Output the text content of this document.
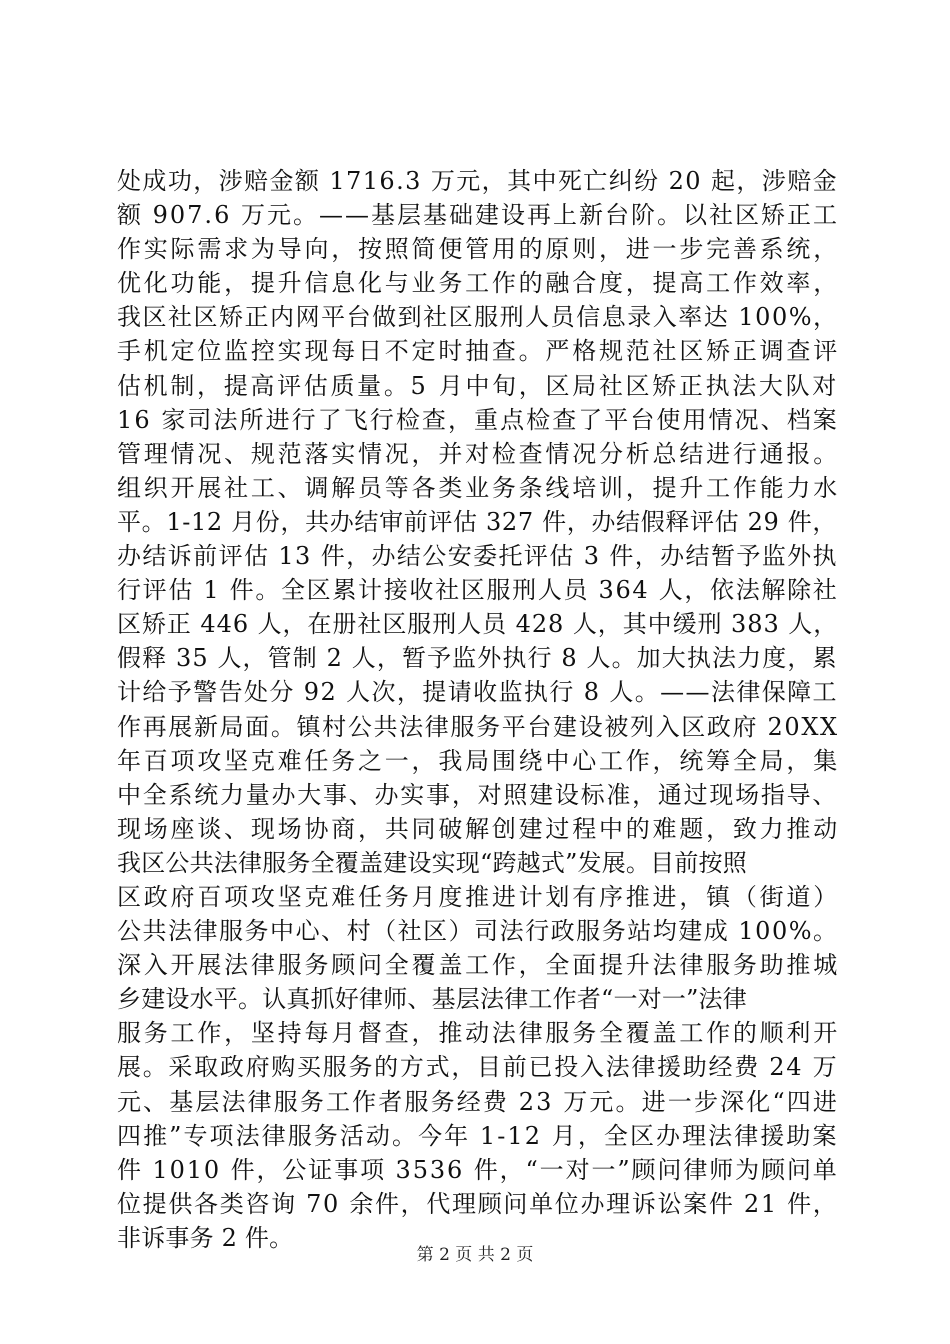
处成功，涉赔金额 1716.3 万元，其中死亡纠纷 20 起，涉赔金
额 907.6 万元。——基层基础建设再上新台阶。以社区矫正工
作实际需求为导向，按照简便管用的原则，进一步完善系统，
优化功能，提升信息化与业务工作的融合度，提高工作效率，
我区社区矫正内网平台做到社区服刑人员信息录入率达 100%，
手机定位监控实现每日不定时抽查。严格规范社区矫正调查评
估机制，提高评估质量。5 月中旬，区局社区矫正执法大队对
16 家司法所进行了飞行检查，重点检查了平台使用情况、档案
管理情况、规范落实情况，并对检查情况分析总结进行通报。
组织开展社工、调解员等各类业务条线培训，提升工作能力水
平。1-12 月份，共办结审前评估 327 件，办结假释评估 29 件，
办结诉前评估 13 件，办结公安委托评估 3 件，办结暂予监外执
行评估 1 件。全区累计接收社区服刑人员 364 人，依法解除社
区矫正 446 人，在册社区服刑人员 428 人，其中缓刑 383 人，
假释 35 人，管制 2 人，暂予监外执行 8 人。加大执法力度，累
计给予警告处分 92 人次，提请收监执行 8 人。——法律保障工
作再展新局面。镇村公共法律服务平台建设被列入区政府 20XX
年百项攻坚克难任务之一，我局围绕中心工作，统筹全局，集
中全系统力量办大事、办实事，对照建设标准，通过现场指导、
现场座谈、现场协商，共同破解创建过程中的难题，致力推动
我区公共法律服务全覆盖建设实现“跨越式”发展。目前按照
区政府百项攻坚克难任务月度推进计划有序推进，镇（街道）
公共法律服务中心、村（社区）司法行政服务站均建成 100%。
深入开展法律服务顾问全覆盖工作，全面提升法律服务助推城
乡建设水平。认真抓好律师、基层法律工作者“一对一”法律
服务工作，坚持每月督查，推动法律服务全覆盖工作的顺利开
展。采取政府购买服务的方式，目前已投入法律援助经费 24 万
元、基层法律服务工作者服务经费 23 万元。进一步深化“四进
四推”专项法律服务活动。今年 1-12 月，全区办理法律援助案
件 1010 件，公证事项 3536 件，“一对一”顾问律师为顾问单
位提供各类咨询 70 余件，代理顾问单位办理诉讼案件 21 件，
非诉事务 2 件。
第 2 页 共 2 页
